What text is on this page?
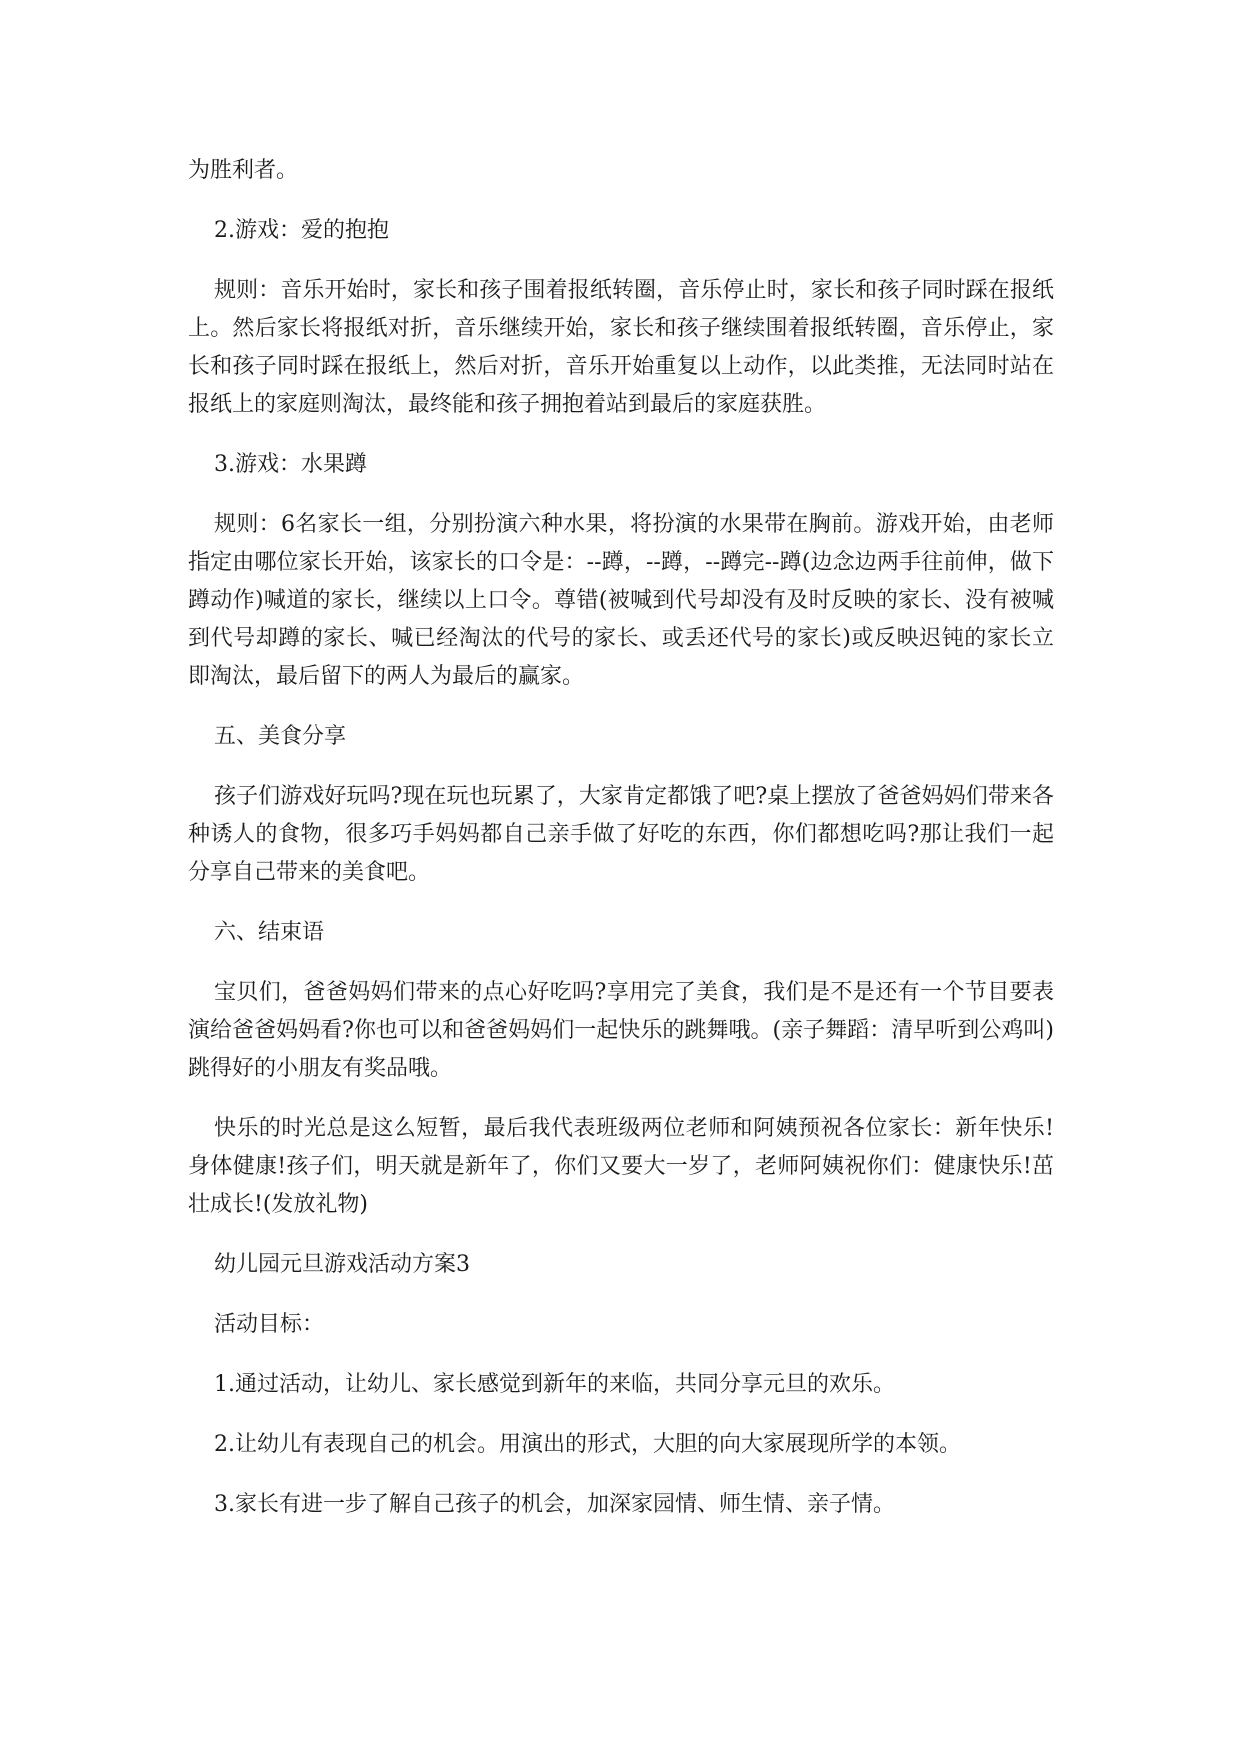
为胜利者。

2.游戏：爱的抱抱

规则：音乐开始时，家长和孩子围着报纸转圈，音乐停止时，家长和孩子同时踩在报纸上。然后家长将报纸对折，音乐继续开始，家长和孩子继续围着报纸转圈，音乐停止，家长和孩子同时踩在报纸上，然后对折，音乐开始重复以上动作，以此类推，无法同时站在报纸上的家庭则淘汰，最终能和孩子拥抱着站到最后的家庭获胜。

3.游戏：水果蹲

规则：6名家长一组，分别扮演六种水果，将扮演的水果带在胸前。游戏开始，由老师指定由哪位家长开始，该家长的口令是：--蹲，--蹲，--蹲完--蹲(边念边两手往前伸，做下蹲动作)喊道的家长，继续以上口令。尊错(被喊到代号却没有及时反映的家长、没有被喊到代号却蹲的家长、喊已经淘汰的代号的家长、或丢还代号的家长)或反映迟钝的家长立即淘汰，最后留下的两人为最后的赢家。

五、美食分享

孩子们游戏好玩吗?现在玩也玩累了，大家肯定都饿了吧?桌上摆放了爸爸妈妈们带来各种诱人的食物，很多巧手妈妈都自己亲手做了好吃的东西，你们都想吃吗?那让我们一起分享自己带来的美食吧。

六、结束语

宝贝们，爸爸妈妈们带来的点心好吃吗?享用完了美食，我们是不是还有一个节目要表演给爸爸妈妈看?你也可以和爸爸妈妈们一起快乐的跳舞哦。(亲子舞蹈：清早听到公鸡叫)跳得好的小朋友有奖品哦。

快乐的时光总是这么短暂，最后我代表班级两位老师和阿姨预祝各位家长：新年快乐!身体健康!孩子们，明天就是新年了，你们又要大一岁了，老师阿姨祝你们：健康快乐!茁壮成长!(发放礼物)

幼儿园元旦游戏活动方案3

活动目标：

1.通过活动，让幼儿、家长感觉到新年的来临，共同分享元旦的欢乐。

2.让幼儿有表现自己的机会。用演出的形式，大胆的向大家展现所学的本领。

3.家长有进一步了解自己孩子的机会，加深家园情、师生情、亲子情。
